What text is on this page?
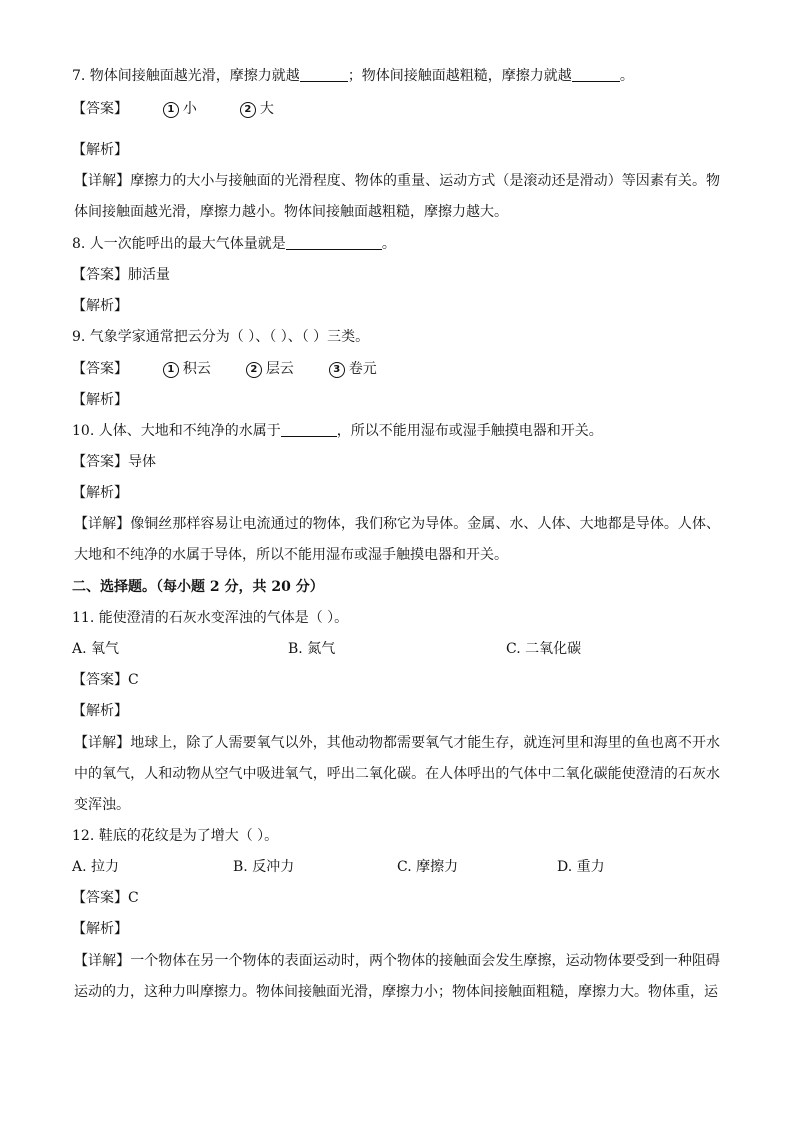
7. 物体间接触面越光滑，摩擦力就越	；物体间接触面越粗糙，摩擦力就越	。
【答案】	1 小	2 大
【解析】
【详解】摩擦力的大小与接触面的光滑程度、物体的重量、运动方式（是滚动还是滑动）等因素有关。物体间接触面越光滑，摩擦力越小。物体间接触面越粗糙，摩擦力越大。
8. 人一次能呼出的最大气体量就是	。
【答案】肺活量
【解析】
9. 气象学家通常把云分为（ ）、（ ）、（ ）三类。
【答案】	1 积云	2 层云	3 卷元
【解析】
10. 人体、大地和不纯净的水属于	，所以不能用湿布或湿手触摸电器和开关。
【答案】导体
【解析】
【详解】像铜丝那样容易让电流通过的物体，我们称它为导体。金属、水、人体、大地都是导体。人体、大地和不纯净的水属于导体，所以不能用湿布或湿手触摸电器和开关。
二、选择题。（每小题 2 分，共 20 分）
11. 能使澄清的石灰水变浑浊的气体是（ ）。
A. 氧气	B. 氮气	C. 二氧化碳
【答案】C
【解析】
【详解】地球上，除了人需要氧气以外，其他动物都需要氧气才能生存，就连河里和海里的鱼也离不开水中的氧气，人和动物从空气中吸进氧气，呼出二氧化碳。在人体呼出的气体中二氧化碳能使澄清的石灰水变浑浊。
12. 鞋底的花纹是为了增大（ ）。
A. 拉力	B. 反冲力	C. 摩擦力	D. 重力
【答案】C
【解析】
【详解】一个物体在另一个物体的表面运动时，两个物体的接触面会发生摩擦，运动物体要受到一种阻碍运动的力，这种力叫摩擦力。物体间接触面光滑，摩擦力小；物体间接触面粗糙，摩擦力大。物体重，运
